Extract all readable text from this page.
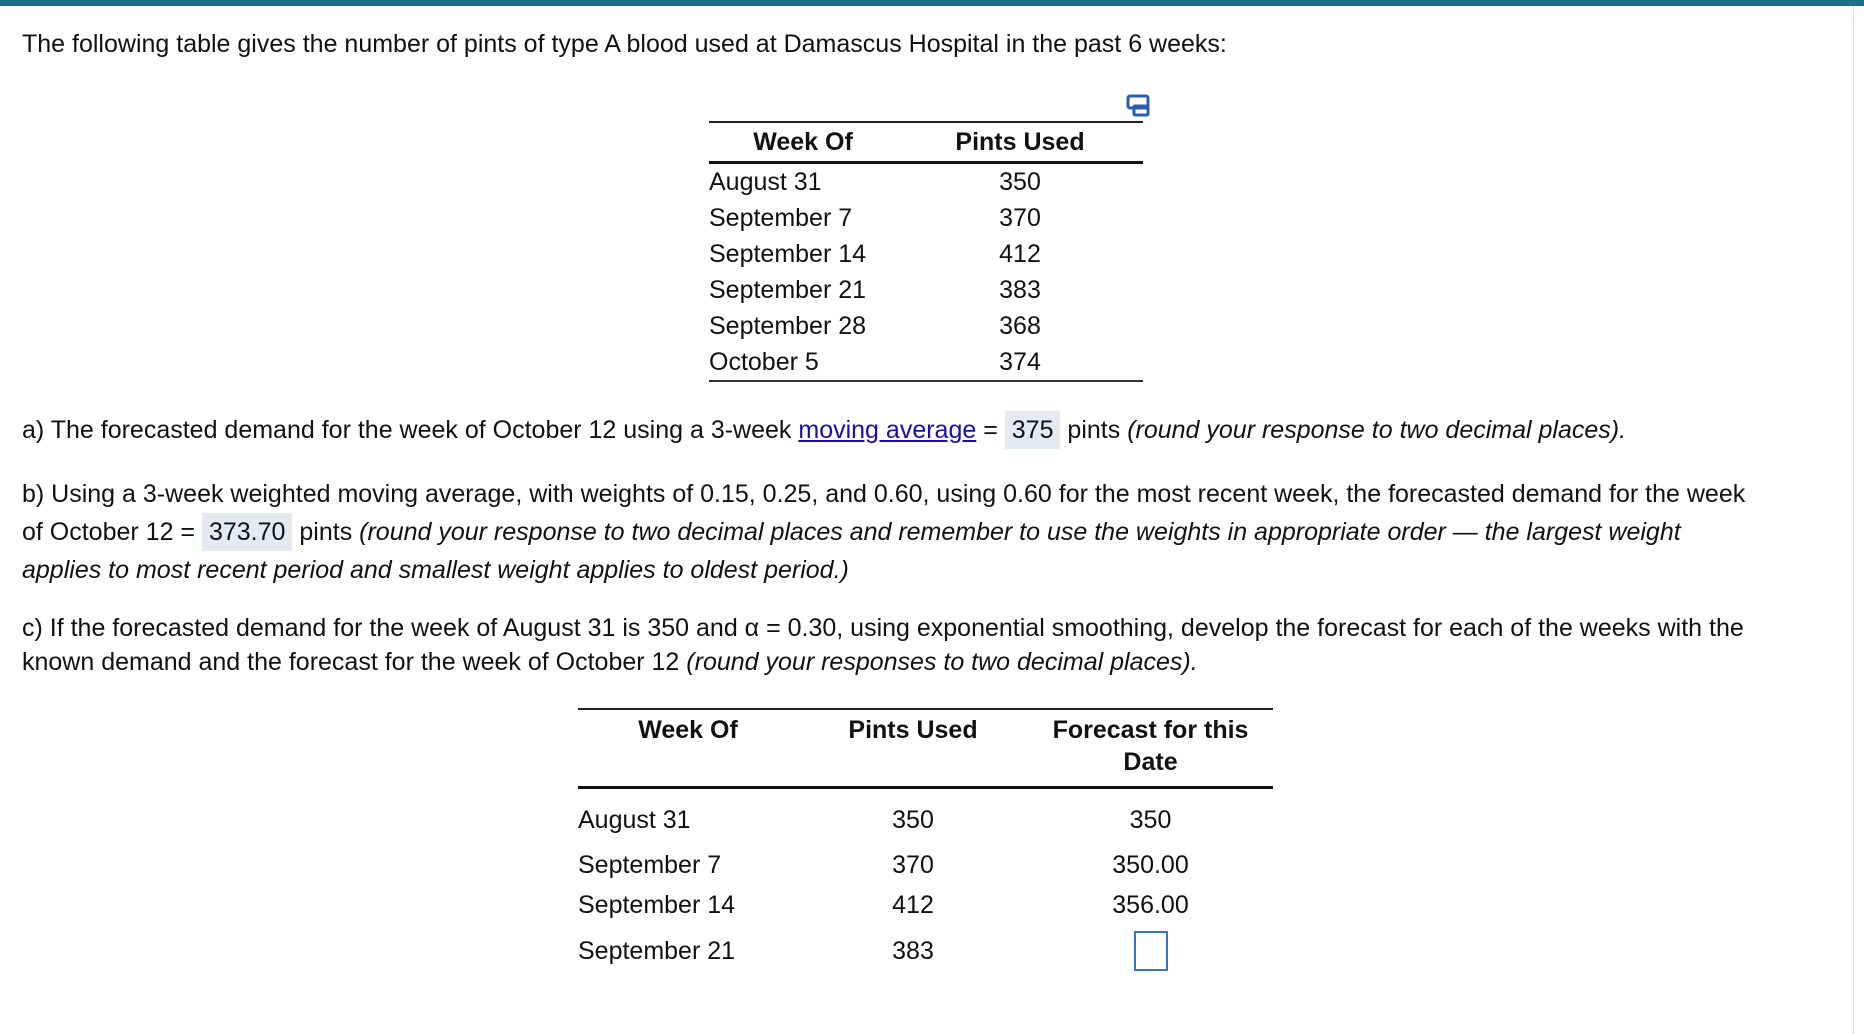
The following table gives the number of pints of type A blood used at Damascus Hospital in the past 6 weeks:
Week Of	Pints Used
August 31	350
September 7	370
September 14	412
September 21	383
September 28	368
October 5	374
a) The forecasted demand for the week of October 12 using a 3-week moving average = 375 pints (round your response to two decimal places).
b) Using a 3-week weighted moving average, with weights of 0.15, 0.25, and 0.60, using 0.60 for the most recent week, the forecasted demand for the week
of October 12 = 373.70 pints (round your response to two decimal places and remember to use the weights in appropriate order — the largest weight
applies to most recent period and smallest weight applies to oldest period.)
c) If the forecasted demand for the week of August 31 is 350 and α = 0.30, using exponential smoothing, develop the forecast for each of the weeks with the
known demand and the forecast for the week of October 12 (round your responses to two decimal places).
Week Of	Pints Used	Forecast for this
Date
August 31	350	350
September 7	370	350.00
September 14	412	356.00
September 21	383	
